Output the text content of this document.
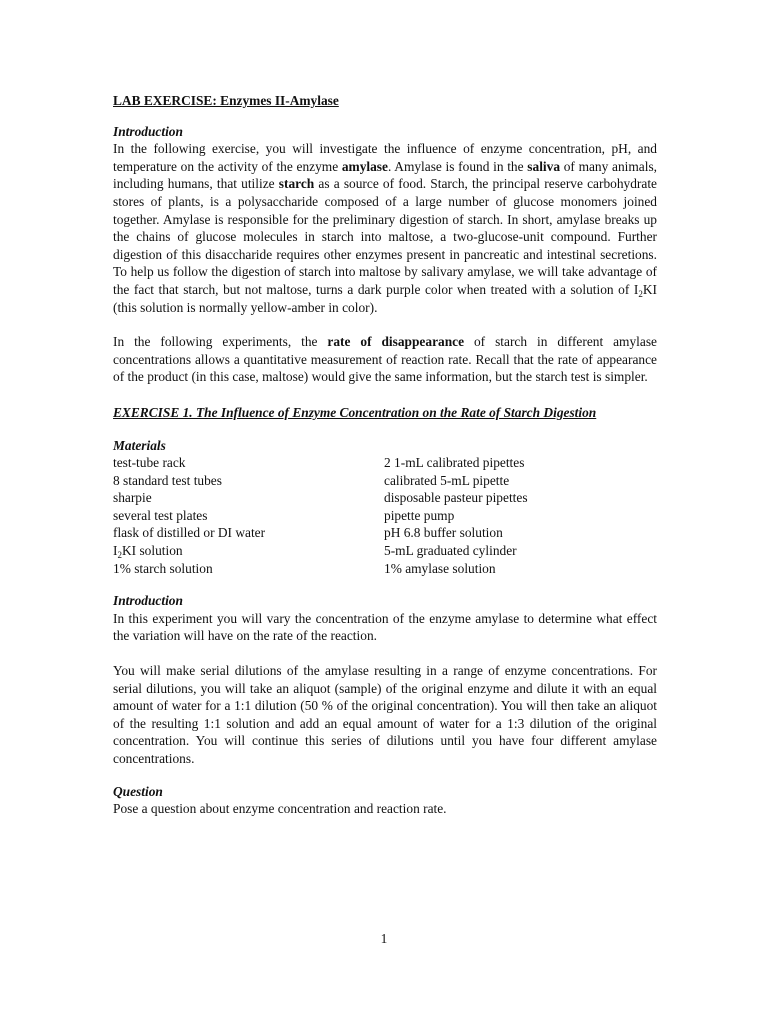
LAB EXERCISE: Enzymes II-Amylase
Introduction

In the following exercise, you will investigate the influence of enzyme concentration, pH, and temperature on the activity of the enzyme amylase. Amylase is found in the saliva of many animals, including humans, that utilize starch as a source of food. Starch, the principal reserve carbohydrate stores of plants, is a polysaccharide composed of a large number of glucose monomers joined together. Amylase is responsible for the preliminary digestion of starch. In short, amylase breaks up the chains of glucose molecules in starch into maltose, a two-glucose-unit compound. Further digestion of this disaccharide requires other enzymes present in pancreatic and intestinal secretions. To help us follow the digestion of starch into maltose by salivary amylase, we will take advantage of the fact that starch, but not maltose, turns a dark purple color when treated with a solution of $I_2KI$ (this solution is normally yellow-amber in color).

In the following experiments, the rate of disappearance of starch in different amylase concentrations allows a quantitative measurement of reaction rate. Recall that the rate of appearance of the product (in this case, maltose) would give the same information, but the starch test is simpler.

EXERCISE 1. The Influence of Enzyme Concentration on the Rate of Starch Digestion
Materials
test-tube rack	2 1-mL calibrated pipettes
8 standard test tubes	calibrated 5-mL pipette
sharpie	disposable pasteur pipettes
several test plates	pipette pump
flask of distilled or DI water	pH 6.8 buffer solution
$I_2KI$ solution	5-mL graduated cylinder
1% starch solution	1% amylase solution
Introduction

In this experiment you will vary the concentration of the enzyme amylase to determine what effect the variation will have on the rate of the reaction.

You will make serial dilutions of the amylase resulting in a range of enzyme concentrations. For serial dilutions, you will take an aliquot (sample) of the original enzyme and dilute it with an equal amount of water for a 1:1 dilution (50 % of the original concentration). You will then take an aliquot of the resulting 1:1 solution and add an equal amount of water for a 1:3 dilution of the original concentration. You will continue this series of dilutions until you have four different amylase concentrations.

Question

Pose a question about enzyme concentration and reaction rate.

1
